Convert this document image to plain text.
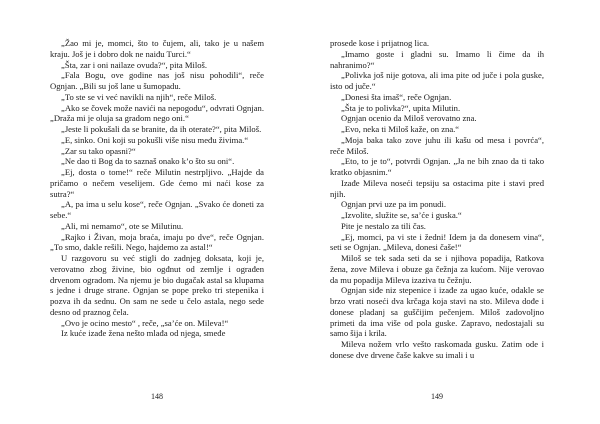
„Žao mi je, momci, što to čujem, ali, tako je u našem kraju. Još je i dobro dok ne naiđu Turci.“

„Šta, zar i oni nailaze ovuda?“, pita Miloš.

„Fala Bogu, ove godine nas još nisu pohodili“, reče Ognjan. „Bili su još lane u šumopadu.

„To ste se vi već navikli na njih“, reče Miloš.

„Ako se čovek može navići na nepogodu“, odvrati Ognjan. „Draža mi je oluja sa gradom nego oni.“

„Jeste li pokušali da se branite, da ih oterate?“, pita Miloš.

„E, sinko. Oni koji su pokušli više nisu među živima.“

„Zar su tako opasni?“

„Ne dao ti Bog da to saznaš onako k’o što su oni“.

„Ej, dosta o tome!“ reče Milutin nestrpljivo. „Hajde da pričamo o nečem veselijem. Gde ćemo mi naći kose za sutra?“

„A, pa ima u selu kose“, reče Ognjan. „Svako će doneti za sebe.“

„Ali, mi nemamo“, ote se Milutinu.

„Rajko i Živan, moja braća, imaju po dve“, reče Ognjan. „To smo, dakle rešili. Nego, hajdemo za astal!“

U razgovoru su već stigli do zadnjeg doksata, koji je, verovatno zbog živine, bio ogđnut od zemlje i ograđen drvenom ogradom. Na njemu je bio dugačak astal sa klupama s jedne i druge strane. Ognjan se pope preko tri stepenika i pozva ih da sednu. On sam ne sede u čelo astala, nego sede desno od praznog čela.

„Ovo je ocino mesto“ , reče, „sa’će on. Mileva!“

Iz kuće izađe žena nešto mlađa od njega, smeđe

148

prosede kose i prijatnog lica.

„Imamo goste i gladni su. Imamo li čime da ih nahranimo?“

„Polivka još nije gotova, ali ima pite od juče i pola guske, isto od juče.“

„Donesi šta imaš“, reče Ognjan.

„Šta je to polivka?“, upita Milutin.

Ognjan ocenio da Miloš verovatno zna.

„Evo, neka ti Miloš kaže, on zna.“

„Moja baka tako zove juhu ili kašu od mesa i povrća“, reče Miloš.

„Eto, to je to“, potvrdi Ognjan. „Ja ne bih znao da ti tako kratko objasnim.“

Izađe Mileva noseći tepsiju sa ostacima pite i stavi pred njih.

Ognjan prvi uze pa im ponudi.

„Izvolite, služite se, sa’će i guska.“

Pite je nestalo za tili čas.

„Ej, momci, pa vi ste i žedni! Idem ja da donesem vina“, seti se Ognjan. „Mileva, donesi čaše!“

Miloš se tek sada seti da se i njihova popadija, Ratkova žena, zove Mileva i obuze ga čežnja za kućom. Nije verovao da mu popadija Mileva izaziva tu čežnju.

Ognjan siđe niz stepenice i izađe za ugao kuće, odakle se brzo vrati noseći dva krčaga koja stavi na sto. Mileva dođe i donese pladanj sa guščijim pečenjem. Miloš zadovoljno primeti da ima više od pola guske. Zapravo, nedostajali su samo šija i krila.

Mileva nožem vrlo veštо raskomada gusku. Zatim ode i donese dve drvene čaše kakve su imali i u

149
